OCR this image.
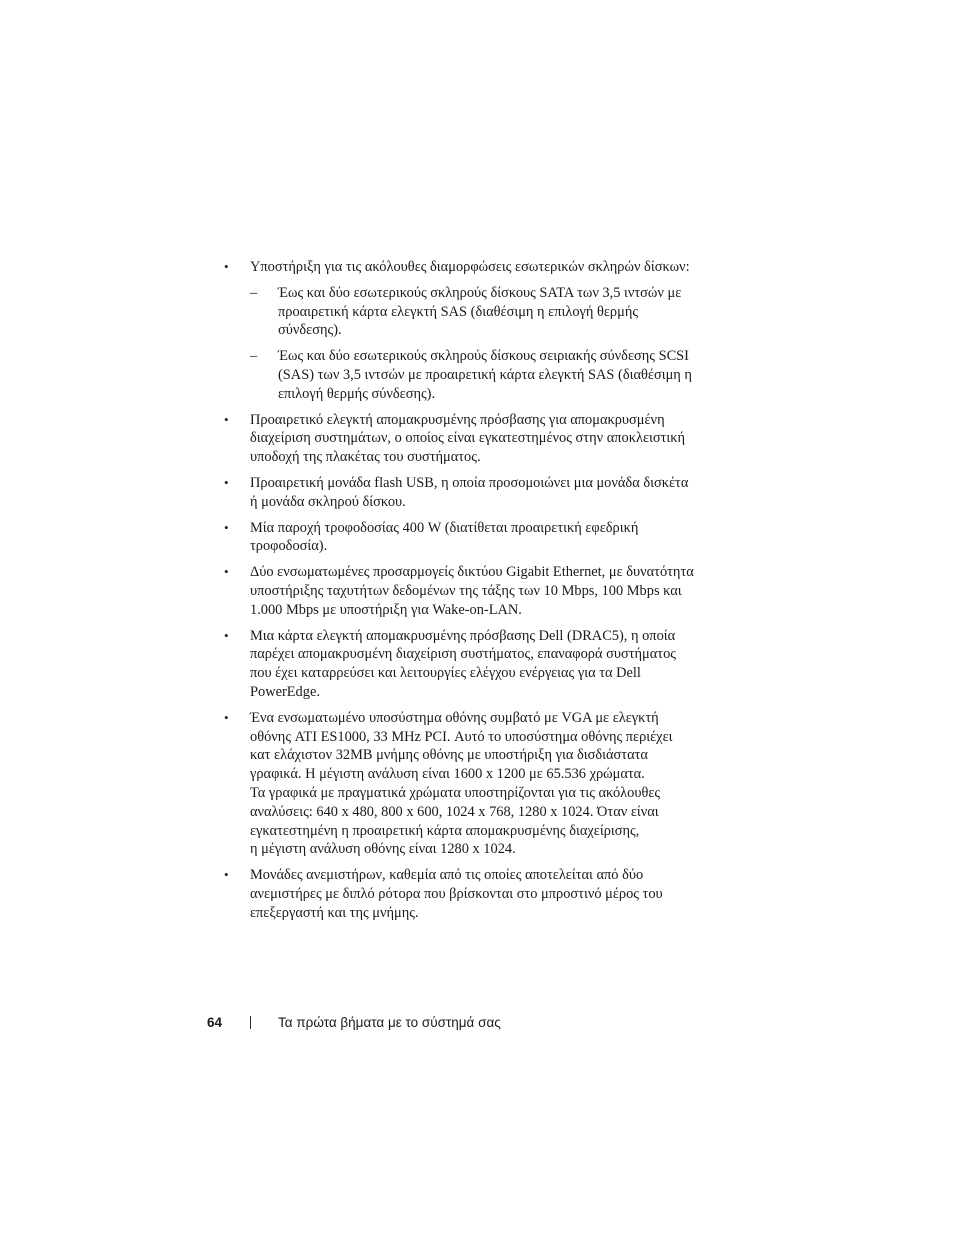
• Υποστήριξη για τις ακόλουθες διαμορφώσεις εσωτερικών σκληρών δίσκων:
– Έως και δύο εσωτερικούς σκληρούς δίσκους SATA των 3,5 ιντσών με
προαιρετική κάρτα ελεγκτή SAS (διαθέσιμη η επιλογή θερμής
σύνδεσης).
– Έως και δύο εσωτερικούς σκληρούς δίσκους σειριακής σύνδεσης SCSI
(SAS) των 3,5 ιντσών με προαιρετική κάρτα ελεγκτή SAS (διαθέσιμη η
επιλογή θερμής σύνδεσης).
• Προαιρετικό ελεγκτή απομακρυσμένης πρόσβασης για απομακρυσμένη
διαχείριση συστημάτων, ο οποίος είναι εγκατεστημένος στην αποκλειστική
υποδοχή της πλακέτας του συστήματος.
• Προαιρετική μονάδα flash USB, η οποία προσομοιώνει μια μονάδα δισκέτα
ή μονάδα σκληρού δίσκου.
• Μία παροχή τροφοδοσίας 400 W (διατίθεται προαιρετική εφεδρική
τροφοδοσία).
• Δύο ενσωματωμένες προσαρμογείς δικτύου Gigabit Ethernet, με δυνατότητα
υποστήριξης ταχυτήτων δεδομένων της τάξης των 10 Mbps, 100 Mbps και
1.000 Mbps με υποστήριξη για Wake-on-LAN.
• Μια κάρτα ελεγκτή απομακρυσμένης πρόσβασης Dell (DRAC5), η οποία
παρέχει απομακρυσμένη διαχείριση συστήματος, επαναφορά συστήματος
που έχει καταρρεύσει και λειτουργίες ελέγχου ενέργειας για τα Dell
PowerEdge.
• Ένα ενσωματωμένο υποσύστημα οθόνης συμβατό με VGA με ελεγκτή
οθόνης ATI ES1000, 33 MHz PCI. Αυτό το υποσύστημα οθόνης περιέχει
κατ ελάχιστον 32MB μνήμης οθόνης με υποστήριξη για δισδιάστατα
γραφικά. Η μέγιστη ανάλυση είναι 1600 x 1200 με 65.536 χρώματα.
Τα γραφικά με πραγματικά χρώματα υποστηρίζονται για τις ακόλουθες
αναλύσεις: 640 x 480, 800 x 600, 1024 x 768, 1280 x 1024. Όταν είναι
εγκατεστημένη η προαιρετική κάρτα απομακρυσμένης διαχείρισης,
η μέγιστη ανάλυση οθόνης είναι 1280 x 1024.
• Μονάδες ανεμιστήρων, καθεμία από τις οποίες αποτελείται από δύο
ανεμιστήρες με διπλό ρότορα που βρίσκονται στο μπροστινό μέρος του
επεξεργαστή και της μνήμης.
64	Τα πρώτα βήματα με το σύστημά σας
